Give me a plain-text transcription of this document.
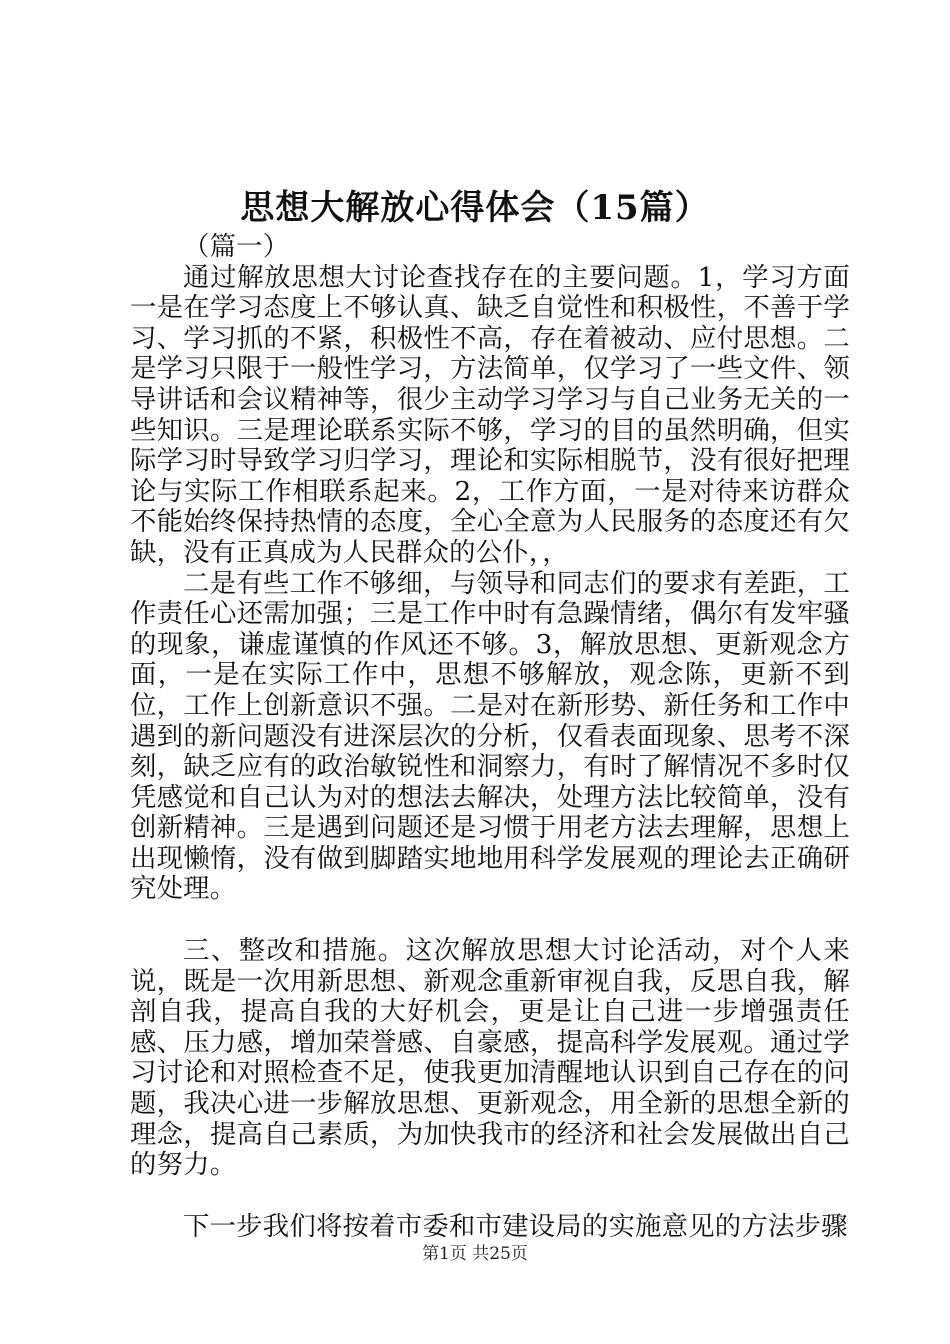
思想大解放心得体会（15篇）

（篇一）

通过解放思想大讨论查找存在的主要问题。1，学习方面一是在学习态度上不够认真、缺乏自觉性和积极性，不善于学习、学习抓的不紧，积极性不高，存在着被动、应付思想。二是学习只限于一般性学习，方法简单，仅学习了一些文件、领导讲话和会议精神等，很少主动学习学习与自己业务无关的一些知识。三是理论联系实际不够，学习的目的虽然明确，但实际学习时导致学习归学习，理论和实际相脱节，没有很好把理论与实际工作相联系起来。2，工作方面，一是对待来访群众不能始终保持热情的态度，全心全意为人民服务的态度还有欠缺，没有正真成为人民群众的公仆，，

二是有些工作不够细，与领导和同志们的要求有差距，工作责任心还需加强；三是工作中时有急躁情绪，偶尔有发牢骚的现象，谦虚谨慎的作风还不够。3，解放思想、更新观念方面，一是在实际工作中，思想不够解放，观念陈，更新不到位，工作上创新意识不强。二是对在新形势、新任务和工作中遇到的新问题没有进深层次的分析，仅看表面现象、思考不深刻，缺乏应有的政治敏锐性和洞察力，有时了解情况不多时仅凭感觉和自己认为对的想法去解决，处理方法比较简单，没有创新精神。三是遇到问题还是习惯于用老方法去理解，思想上出现懒惰，没有做到脚踏实地地用科学发展观的理论去正确研究处理。

三、整改和措施。这次解放思想大讨论活动，对个人来说，既是一次用新思想、新观念重新审视自我，反思自我，解剖自我，提高自我的大好机会，更是让自己进一步增强责任感、压力感，增加荣誉感、自豪感，提高科学发展观。通过学习讨论和对照检查不足，使我更加清醒地认识到自己存在的问题，我决心进一步解放思想、更新观念，用全新的思想全新的理念，提高自己素质，为加快我市的经济和社会发展做出自己的努力。

下一步我们将按着市委和市建设局的实施意见的方法步骤

第1页 共25页
